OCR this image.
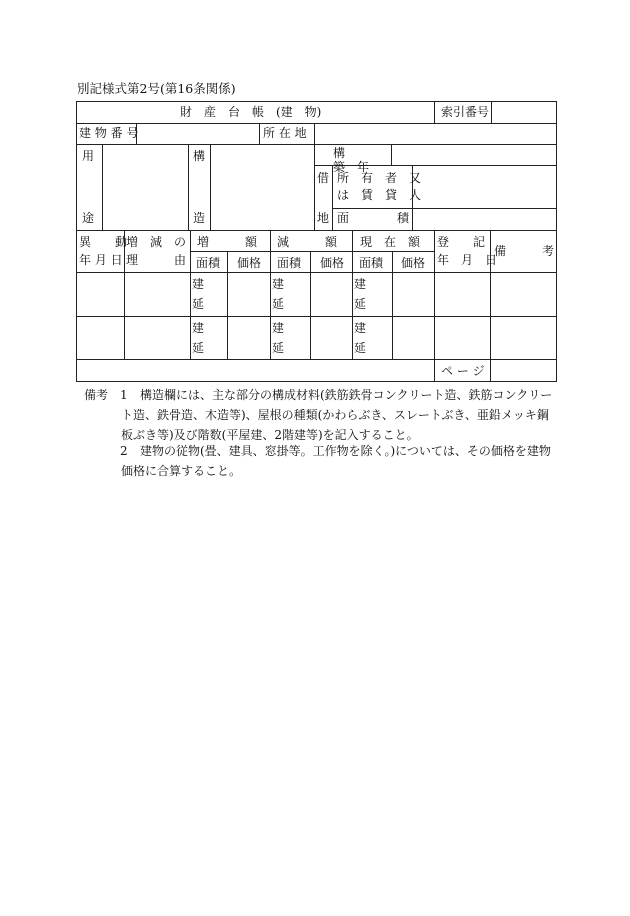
別記様式第2号(第16条関係)
財　産　台　帳　(建　物)	索引番号
建 物 番 号	所 在 地
用
途
構
造
構
築　年
借
地
所　有　者　又
は　賃　貸　人
面　　　　積
異　　動
年 月 日
増　減　の
理　　　由
増　　　額 減　　　額 現　在　額 登　　記
年　月　日
備　　　考
面積 価格 面積 価格 面積 価格
建
延
建
延
建
延
建
延
建
延
建
延
ペ ー ジ
備考 1 構造欄には、主な部分の構成材料(鉄筋鉄骨コンクリート造、鉄筋コンクリー
ト造、鉄骨造、木造等)、屋根の種類(かわらぶき、スレートぶき、亜鉛メッキ鋼
板ぶき等)及び階数(平屋建、2階建等)を記入すること。
2 建物の従物(畳、建具、窓掛等。工作物を除く。)については、その価格を建物
価格に合算すること。
